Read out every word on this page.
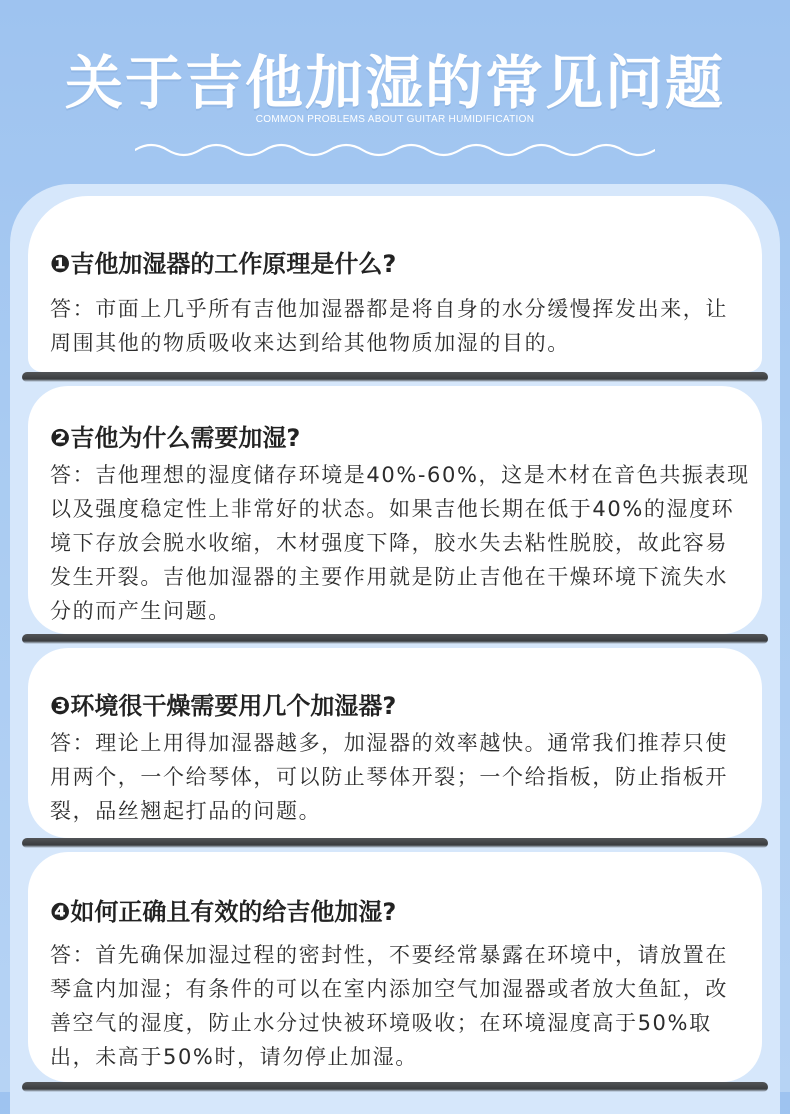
关于吉他加湿的常见问题
COMMON PROBLEMS ABOUT GUITAR HUMIDIFICATION
❶吉他加湿器的工作原理是什么?
答：市面上几乎所有吉他加湿器都是将自身的水分缓慢挥发出来，让周围其他的物质吸收来达到给其他物质加湿的目的。
❷吉他为什么需要加湿?
答：吉他理想的湿度储存环境是40%-60%，这是木材在音色共振表现以及强度稳定性上非常好的状态。如果吉他长期在低于40%的湿度环境下存放会脱水收缩，木材强度下降，胶水失去粘性脱胶，故此容易发生开裂。吉他加湿器的主要作用就是防止吉他在干燥环境下流失水分的而产生问题。
❸环境很干燥需要用几个加湿器?
答：理论上用得加湿器越多，加湿器的效率越快。通常我们推荐只使用两个，一个给琴体，可以防止琴体开裂；一个给指板，防止指板开裂，品丝翘起打品的问题。
❹如何正确且有效的给吉他加湿?
答：首先确保加湿过程的密封性，不要经常暴露在环境中，请放置在琴盒内加湿；有条件的可以在室内添加空气加湿器或者放大鱼缸，改善空气的湿度，防止水分过快被环境吸收；在环境湿度高于50%取出，未高于50%时，请勿停止加湿。
